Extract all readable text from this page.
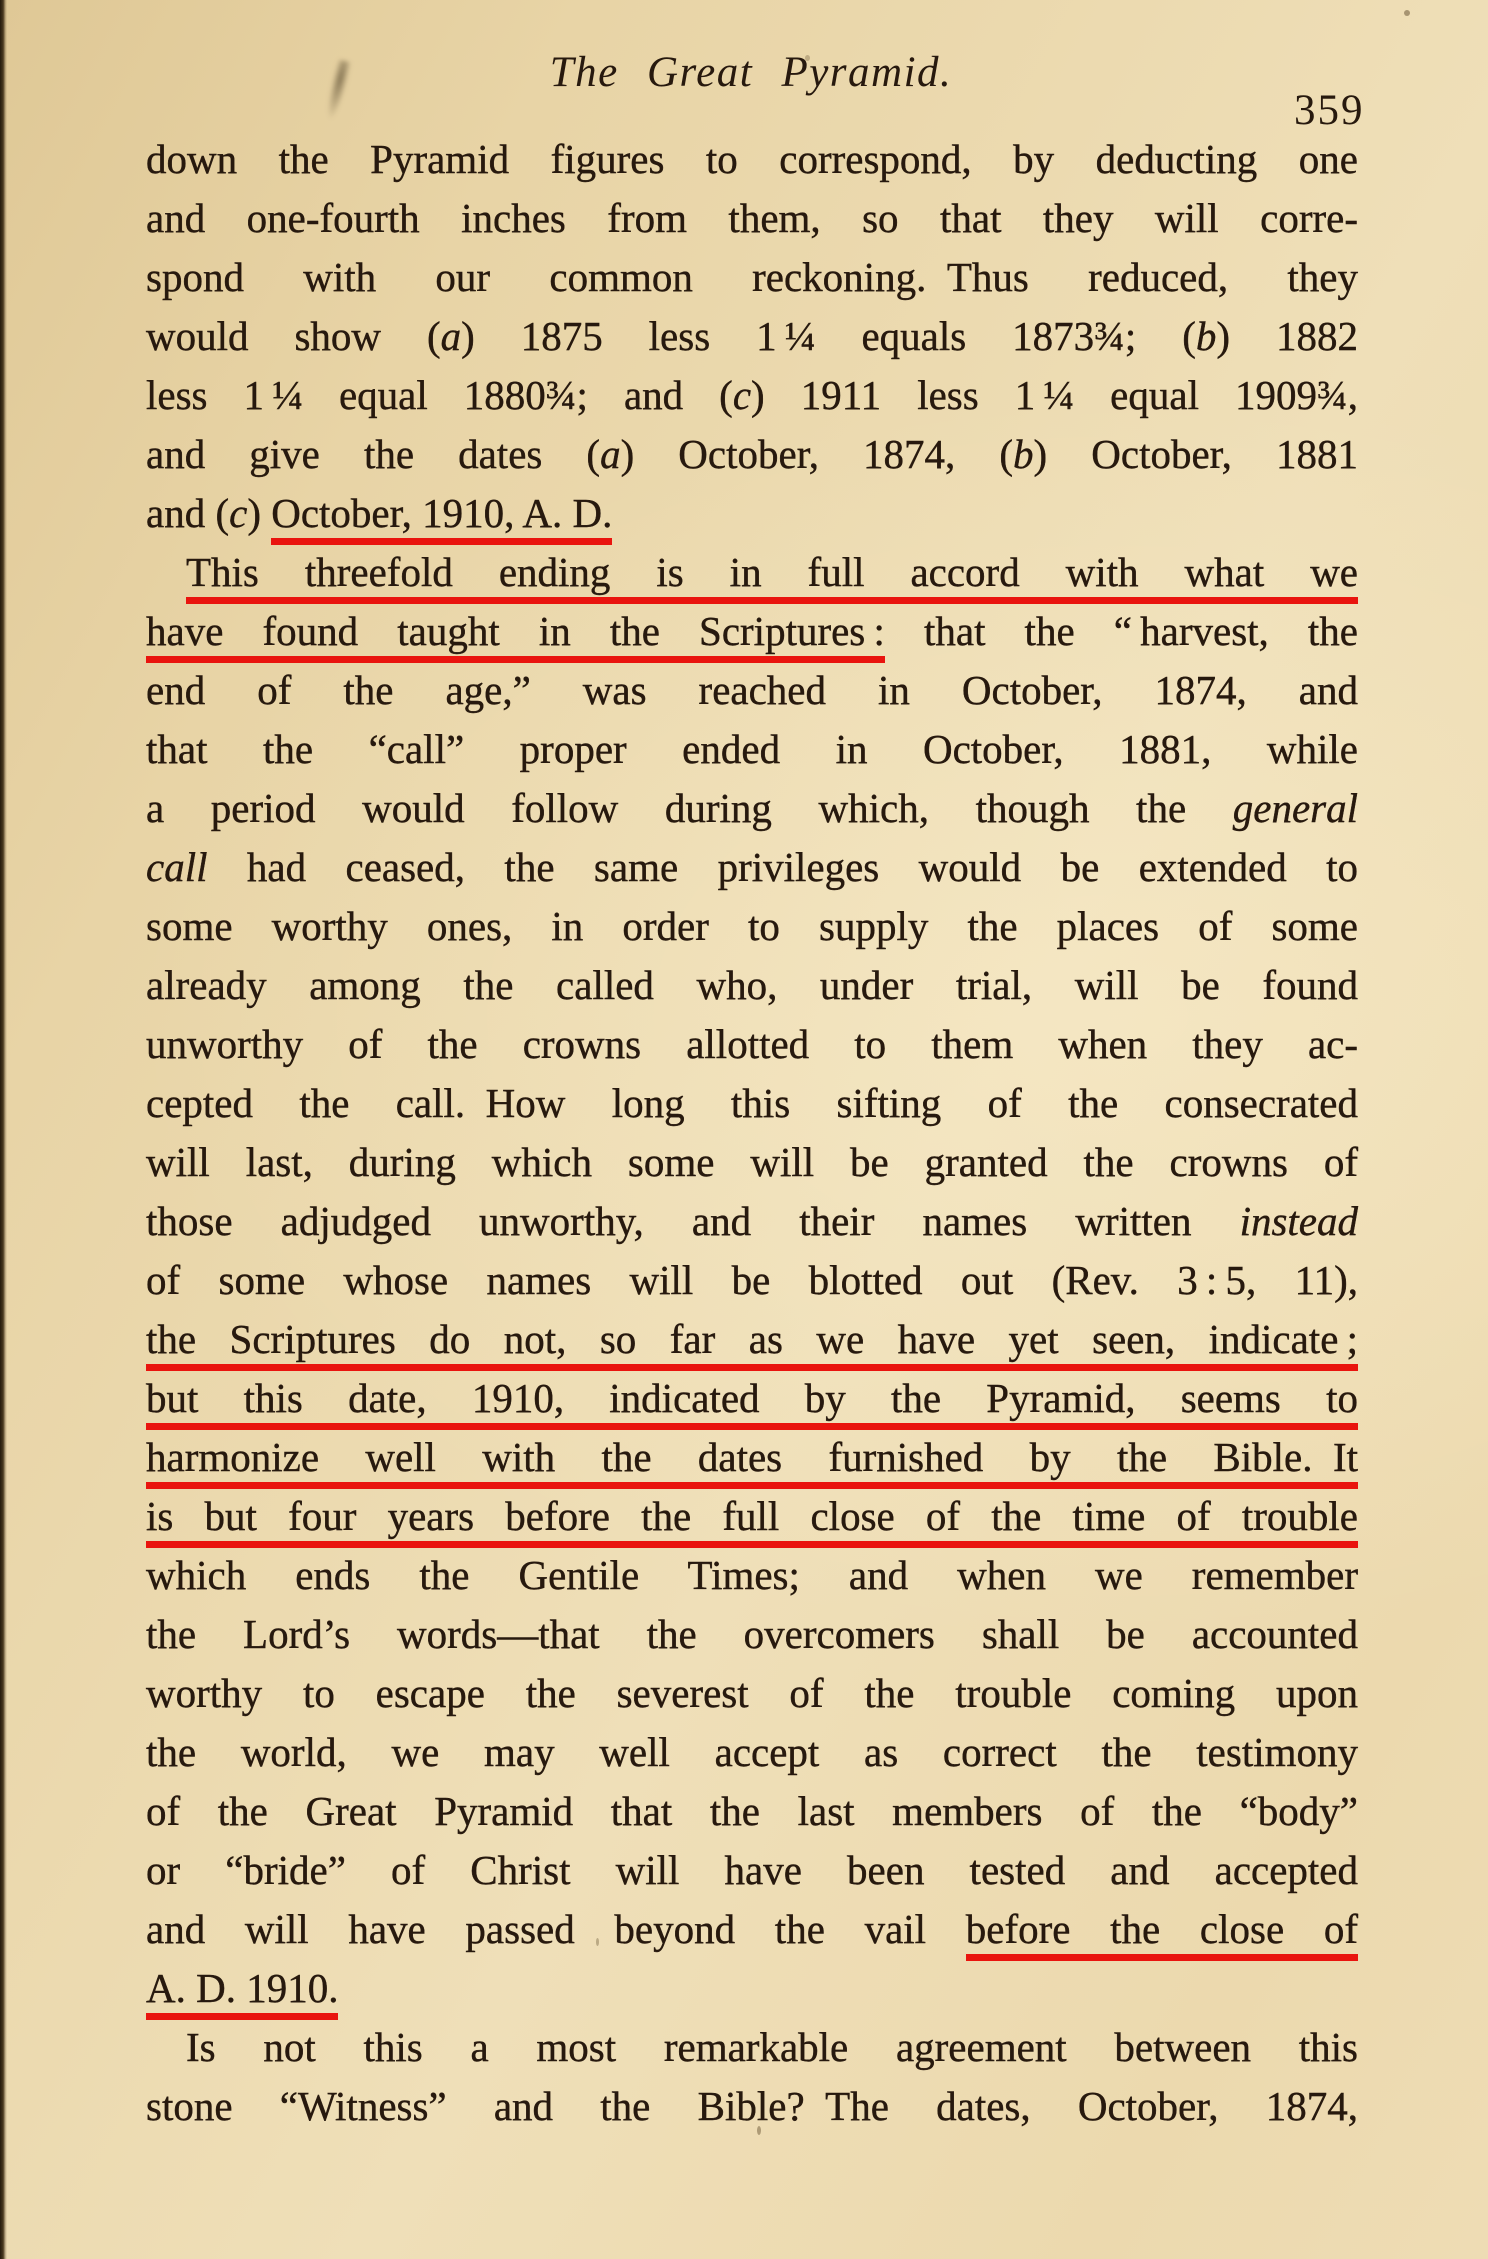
The Great Pyramid.
359
down the Pyramid figures to correspond, by deducting one
and one-fourth inches from them, so that they will corre-
spond with our common reckoning. Thus reduced, they
would show (a) 1875 less 1 ¼ equals 1873¾; (b) 1882
less 1 ¼ equal 1880¾; and (c) 1911 less 1 ¼ equal 1909¾,
and give the dates (a) October, 1874, (b) October, 1881
and (c) October, 1910, A. D.
This threefold ending is in full accord with what we
have found taught in the Scriptures : that the “ harvest, the
end of the age,” was reached in October, 1874, and
that the “call” proper ended in October, 1881, while
a period would follow during which, though the general
call had ceased, the same privileges would be extended to
some worthy ones, in order to supply the places of some
already among the called who, under trial, will be found
unworthy of the crowns allotted to them when they ac-
cepted the call. How long this sifting of the consecrated
will last, during which some will be granted the crowns of
those adjudged unworthy, and their names written instead
of some whose names will be blotted out (Rev. 3 : 5, 11),
the Scriptures do not, so far as we have yet seen, indicate ;
but this date, 1910, indicated by the Pyramid, seems to
harmonize well with the dates furnished by the Bible. It
is but four years before the full close of the time of trouble
which ends the Gentile Times; and when we remember
the Lord’s words—that the overcomers shall be accounted
worthy to escape the severest of the trouble coming upon
the world, we may well accept as correct the testimony
of the Great Pyramid that the last members of the “body”
or “bride” of Christ will have been tested and accepted
and will have passed beyond the vail before the close of
A. D. 1910.
Is not this a most remarkable agreement between this
stone “Witness” and the Bible? The dates, October, 1874,
